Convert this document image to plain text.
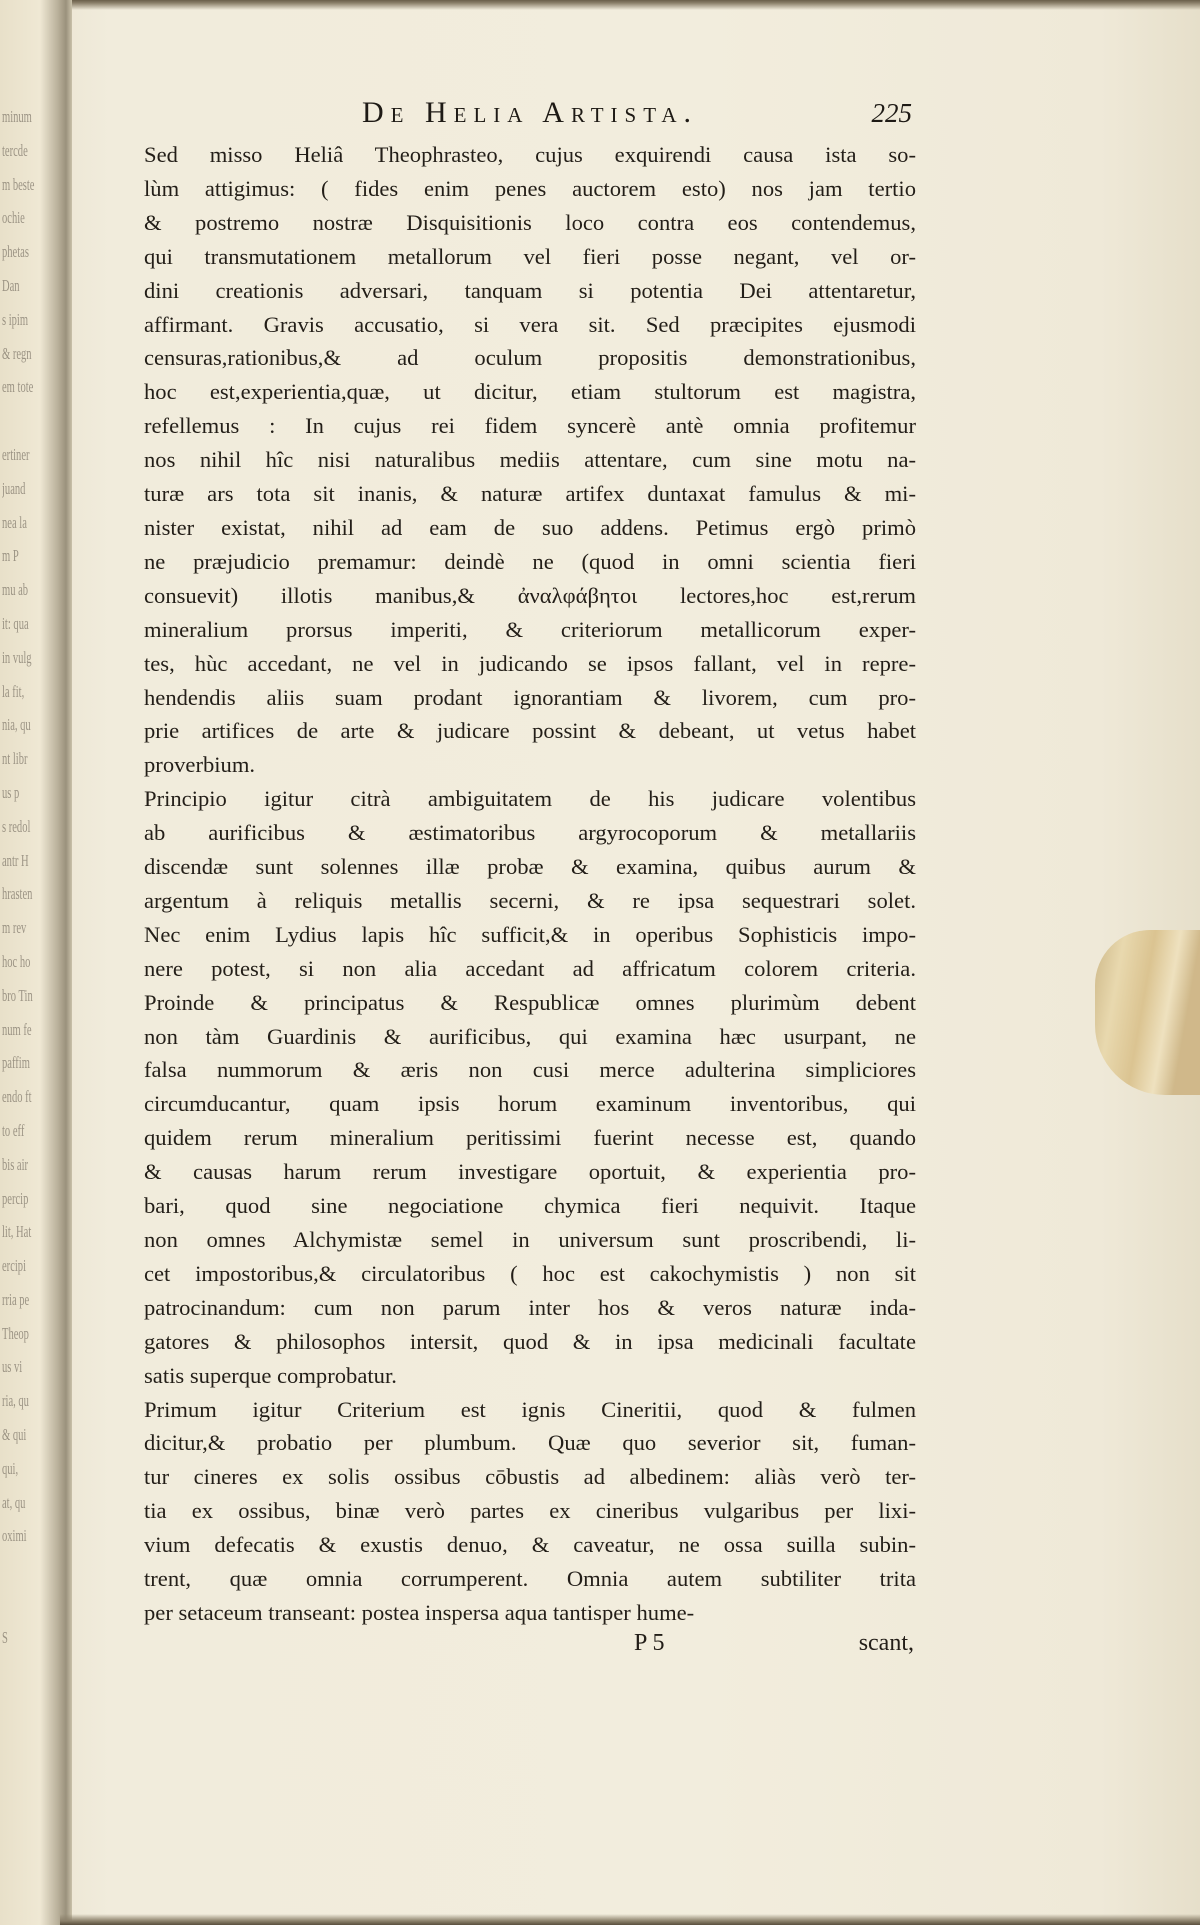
minum
tercde
m beste
ochie
phetas
Dan
s ipim
& regn
em tote
ertiner
juand
nea la
m P
mu ab
it: qua
in vulg
la fit,
nia, qu
nt libr
us p
s redol
antr H
hrasten
m rev
hoc ho
bro Tin
num fe
paffim
endo ft
to eff
bis air
percip
lit, Hat
ercipi
rria pe
Theop
us vi
ria, qu
& qui
qui,
at, qu
oximi
S
De Helia Artista.	225

Sed misso Heliâ Theophrasteo, cujus exquirendi causa ista so-
lùm attigimus: ( fides enim penes auctorem esto) nos jam tertio
& postremo nostræ Disquisitionis loco contra eos contendemus,
qui transmutationem metallorum vel fieri posse negant, vel or-
dini creationis adversari, tanquam si potentia Dei attentaretur,
affirmant. Gravis accusatio, si vera sit. Sed præcipites ejusmodi
censuras,rationibus,& ad oculum propositis demonstrationibus,
hoc est,experientia,quæ, ut dicitur, etiam stultorum est magistra,
refellemus : In cujus rei fidem syncerè antè omnia profitemur
nos nihil hîc nisi naturalibus mediis attentare, cum sine motu na-
turæ ars tota sit inanis, & naturæ artifex duntaxat famulus & mi-
nister existat, nihil ad eam de suo addens. Petimus ergò primò
ne præjudicio premamur: deindè ne (quod in omni scientia fieri
consuevit) illotis manibus,& ἀναλφάβητοι lectores,hoc est,rerum
mineralium prorsus imperiti, & criteriorum metallicorum exper-
tes, hùc accedant, ne vel in judicando se ipsos fallant, vel in repre-
hendendis aliis suam prodant ignorantiam & livorem, cum pro-
prie artifices de arte & judicare possint & debeant, ut vetus habet
proverbium.

Principio igitur citrà ambiguitatem de his judicare volentibus
ab aurificibus & æstimatoribus argyrocoporum & metallariis
discendæ sunt solennes illæ probæ & examina, quibus aurum &
argentum à reliquis metallis secerni, & re ipsa sequestrari solet.
Nec enim Lydius lapis hîc sufficit,& in operibus Sophisticis impo-
nere potest, si non alia accedant ad affricatum colorem criteria.
Proinde & principatus & Respublicæ omnes plurimùm debent
non tàm Guardinis & aurificibus, qui examina hæc usurpant, ne
falsa nummorum & æris non cusi merce adulterina simpliciores
circumducantur, quam ipsis horum examinum inventoribus, qui
quidem rerum mineralium peritissimi fuerint necesse est, quando
& causas harum rerum investigare oportuit, & experientia pro-
bari, quod sine negociatione chymica fieri nequivit. Itaque
non omnes Alchymistæ semel in universum sunt proscribendi, li-
cet impostoribus,& circulatoribus ( hoc est cakochymistis ) non sit
patrocinandum: cum non parum inter hos & veros naturæ inda-
gatores & philosophos intersit, quod & in ipsa medicinali facultate
satis superque comprobatur.

Primum igitur Criterium est ignis Cineritii, quod & fulmen
dicitur,& probatio per plumbum. Quæ quo severior sit, fuman-
tur cineres ex solis ossibus cōbustis ad albedinem: aliàs verò ter-
tia ex ossibus, binæ verò partes ex cineribus vulgaribus per lixi-
vium defecatis & exustis denuo, & caveatur, ne ossa suilla subin-
trent, quæ omnia corrumperent. Omnia autem subtiliter trita
per setaceum transeant: postea inspersa aqua tantisper hume-

P 5	scant,
